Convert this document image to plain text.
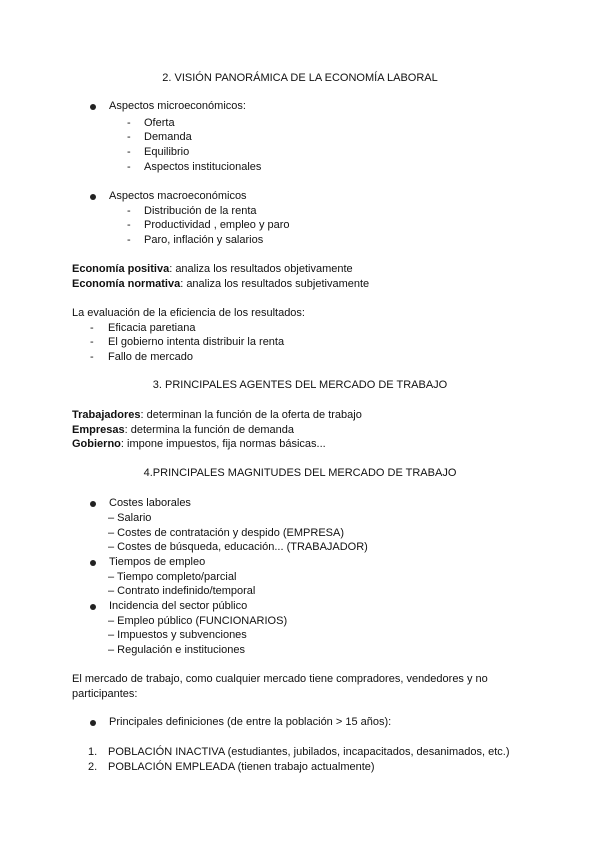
2. VISIÓN PANORÁMICA DE LA ECONOMÍA LABORAL
Aspectos microeconómicos:
- Oferta
- Demanda
- Equilibrio
- Aspectos institucionales
Aspectos macroeconómicos
- Distribución de la renta
- Productividad , empleo y paro
- Paro, inflación y salarios
Economía positiva: analiza los resultados objetivamente
Economía normativa: analiza los resultados subjetivamente
La evaluación de la eficiencia de los resultados:
- Eficacia paretiana
- El gobierno intenta distribuir la renta
- Fallo de mercado
3. PRINCIPALES AGENTES DEL MERCADO DE TRABAJO
Trabajadores: determinan la función de la oferta de trabajo
Empresas: determina la función de demanda
Gobierno: impone impuestos, fija normas básicas...
4.PRINCIPALES MAGNITUDES DEL MERCADO DE TRABAJO
Costes laborales
– Salario
– Costes de contratación y despido (EMPRESA)
– Costes de búsqueda, educación... (TRABAJADOR)
Tiempos de empleo
– Tiempo completo/parcial
– Contrato indefinido/temporal
Incidencia del sector público
– Empleo público (FUNCIONARIOS)
– Impuestos y subvenciones
– Regulación e instituciones
El mercado de trabajo, como cualquier mercado tiene compradores, vendedores y no
participantes:
Principales definiciones (de entre la población > 15 años):
1. POBLACIÓN INACTIVA (estudiantes, jubilados, incapacitados, desanimados, etc.)
2. POBLACIÓN EMPLEADA (tienen trabajo actualmente)
